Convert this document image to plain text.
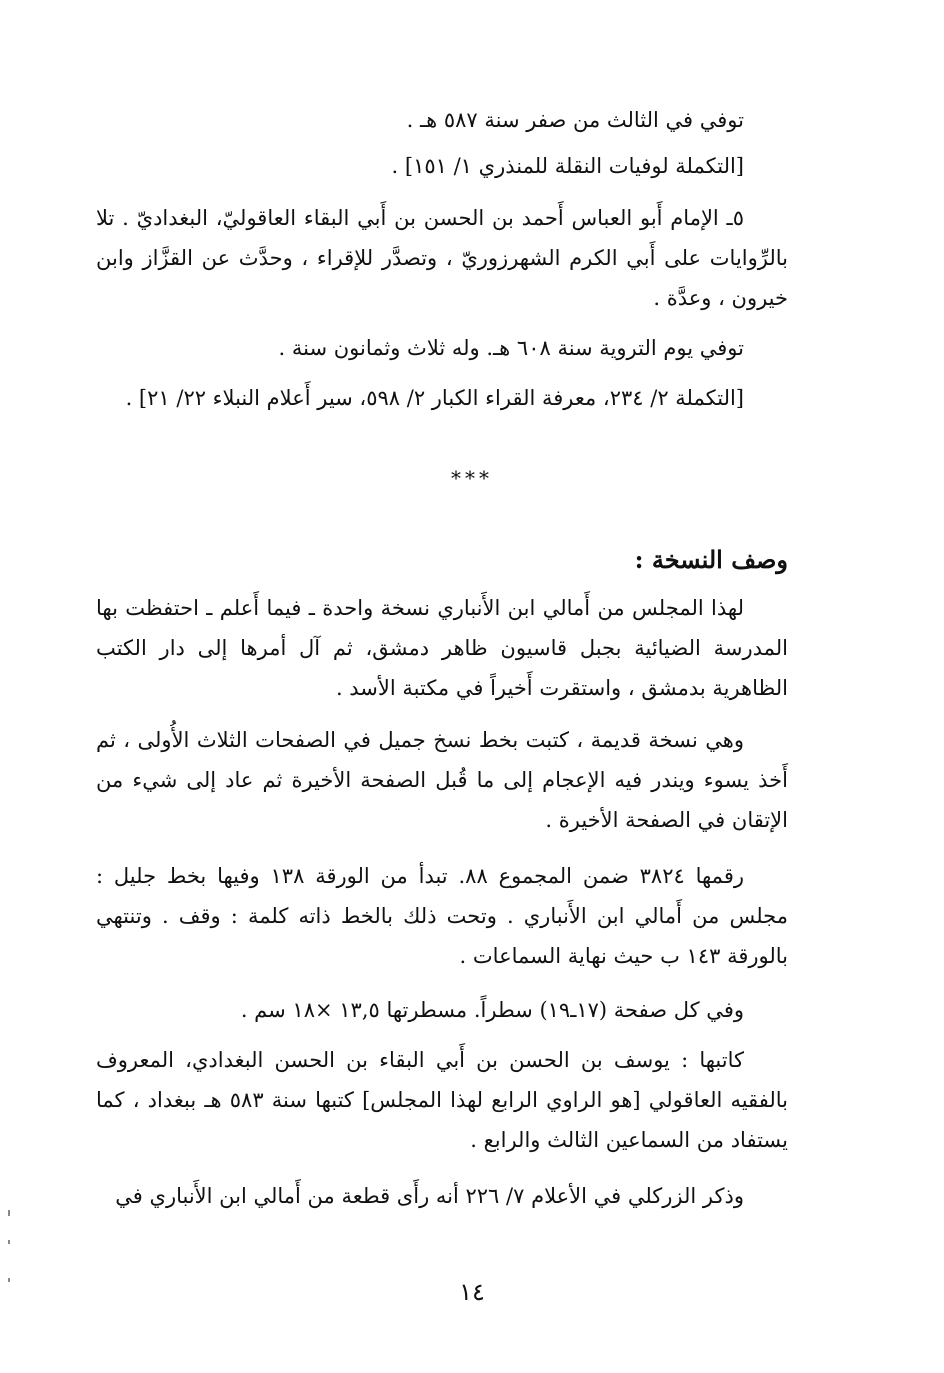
توفي في الثالث من صفر سنة ٥٨٧ هـ .
[التكملة لوفيات النقلة للمنذري ١/ ١٥١] .
٥ـ الإمام أَبو العباس أَحمد بن الحسن بن أَبي البقاء العاقوليّ، البغداديّ . تلا بالرِّوايات على أَبي الكرم الشهرزوريّ ، وتصدَّر للإقراء ، وحدَّث عن القزَّاز وابن خيرون ، وعدَّة .
توفي يوم التروية سنة ٦٠٨ هـ. وله ثلاث وثمانون سنة .
[التكملة ٢/ ٢٣٤، معرفة القراء الكبار ٢/ ٥٩٨، سير أَعلام النبلاء ٢٢/ ٢١] .
***
وصف النسخة :
لهذا المجلس من أَمالي ابن الأَنباري نسخة واحدة ـ فيما أَعلم ـ احتفظت بها المدرسة الضيائية بجبل قاسيون ظاهر دمشق، ثم آل أمرها إلى دار الكتب الظاهرية بدمشق ، واستقرت أَخيراً في مكتبة الأسد .
وهي نسخة قديمة ، كتبت بخط نسخ جميل في الصفحات الثلاث الأُولى ، ثم أَخذ يسوء ويندر فيه الإعجام إلى ما قُبل الصفحة الأخيرة ثم عاد إلى شيء من الإتقان في الصفحة الأخيرة .
رقمها ٣٨٢٤ ضمن المجموع ٨٨. تبدأ من الورقة ١٣٨ وفيها بخط جليل : مجلس من أَمالي ابن الأَنباري . وتحت ذلك بالخط ذاته كلمة : وقف . وتنتهي بالورقة ١٤٣ ب حيث نهاية السماعات .
وفي كل صفحة (١٧ـ١٩) سطراً. مسطرتها ١٣,٥ ×١٨ سم .
كاتبها : يوسف بن الحسن بن أَبي البقاء بن الحسن البغدادي، المعروف بالفقيه العاقولي [هو الراوي الرابع لهذا المجلس] كتبها سنة ٥٨٣ هـ ببغداد ، كما يستفاد من السماعين الثالث والرابع .
وذكر الزركلي في الأعلام ٧/ ٢٢٦ أنه رأَى قطعة من أَمالي ابن الأَنباري في
١٤
